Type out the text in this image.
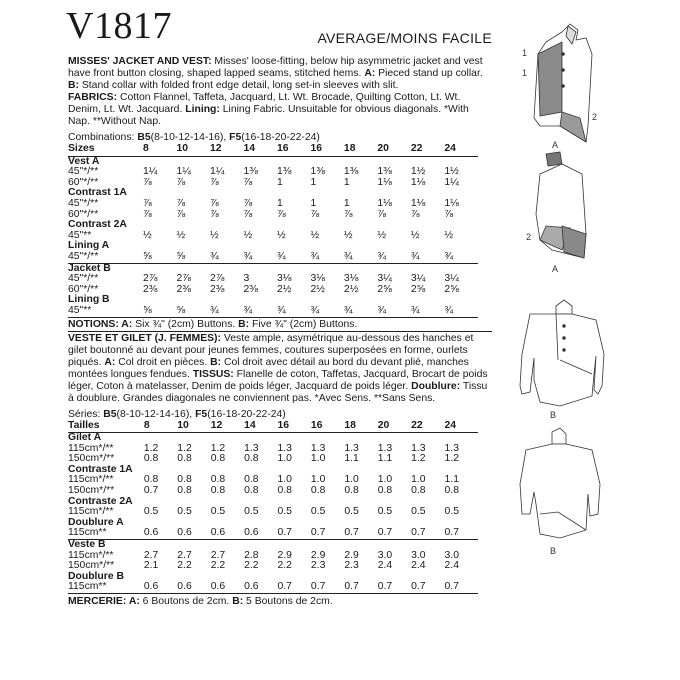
V1817	AVERAGE/MOINS FACILE

MISSES' JACKET AND VEST: Misses' loose-fitting, below hip asymmetric jacket and vest have front button closing, shaped lapped seams, stitched hems. A: Pieced stand up collar. B: Stand collar with folded front edge detail, long set-in sleeves with slit.
FABRICS: Cotton Flannel, Taffeta, Jacquard, Lt. Wt. Brocade, Quilting Cotton, Lt. Wt. Denim, Lt. Wt. Jacquard. Lining: Lining Fabric. Unsuitable for obvious diagonals. *With Nap. **Without Nap.

Combinations: B5(8-10-12-14-16), F5(16-18-20-22-24)
Sizes	8	10	12	14	16	16	18	20	22	24
Vest A										
45"*/**	1¼	1¼	1¼	1⅜	1⅜	1⅜	1⅜	1⅜	1½	1½
60"*/**	⅞	⅞	⅞	⅞	1	1	1	1⅛	1⅛	1¼
Contrast 1A										
45"*/**	⅞	⅞	⅞	⅞	1	1	1	1⅛	1⅛	1⅛
60"*/**	⅞	⅞	⅞	⅞	⅞	⅞	⅞	⅞	⅞	⅞
Contrast 2A										
45"**	½	½	½	½	½	½	½	½	½	½
Lining A										
45"*/**	⅝	⅝	¾	¾	¾	¾	¾	¾	¾	¾
Jacket B										
45"*/**	2⅞	2⅞	2⅞	3	3⅛	3⅛	3⅛	3¼	3¼	3¼
60"*/**	2⅜	2⅜	2⅜	2⅜	2½	2½	2½	2⅝	2⅝	2⅝
Lining B										
45"**	⅝	⅝	¾	¾	¾	¾	¾	¾	¾	¾
NOTIONS: A: Six ¾" (2cm) Buttons. B: Five ¾" (2cm) Buttons.

VESTE ET GILET (J. FEMMES): Veste ample, asymétrique au-dessous des hanches et gilet boutonné au devant pour jeunes femmes, coutures superposées en forme, ourlets piqués. A: Col droit en pièces. B: Col droit avec détail au bord du devant plié, manches montées longues fendues. TISSUS: Flanelle de coton, Taffetas, Jacquard, Brocart de poids léger, Coton à matelasser, Denim de poids léger, Jacquard de poids léger. Doublure: Tissu à doublure. Grandes diagonales ne conviennent pas. *Avec Sens. **Sans Sens.

Séries: B5(8-10-12-14-16), F5(16-18-20-22-24)
Tailles	8	10	12	14	16	16	18	20	22	24
Gilet A										
115cm*/**	1.2	1.2	1.2	1.3	1.3	1.3	1.3	1.3	1.3	1.3
150cm*/**	0.8	0.8	0.8	0.8	1.0	1.0	1.1	1.1	1.2	1.2
Contraste 1A										
115cm*/**	0.8	0.8	0.8	0.8	1.0	1.0	1.0	1.0	1.0	1.1
150cm*/**	0.7	0.8	0.8	0.8	0.8	0.8	0.8	0.8	0.8	0.8
Contraste 2A										
115cm*/**	0.5	0.5	0.5	0.5	0.5	0.5	0.5	0.5	0.5	0.5
Doublure A										
115cm**	0.6	0.6	0.6	0.6	0.7	0.7	0.7	0.7	0.7	0.7
Veste B										
115cm*/**	2.7	2.7	2.7	2.8	2.9	2.9	2.9	3.0	3.0	3.0
150cm*/**	2.1	2.2	2.2	2.2	2.2	2.3	2.3	2.4	2.4	2.4
Doublure B										
115cm**	0.6	0.6	0.6	0.6	0.7	0.7	0.7	0.7	0.7	0.7
MERCERIE: A: 6 Boutons de 2cm. B: 5 Boutons de 2cm.
1
1
2
A
2
A
B
B
